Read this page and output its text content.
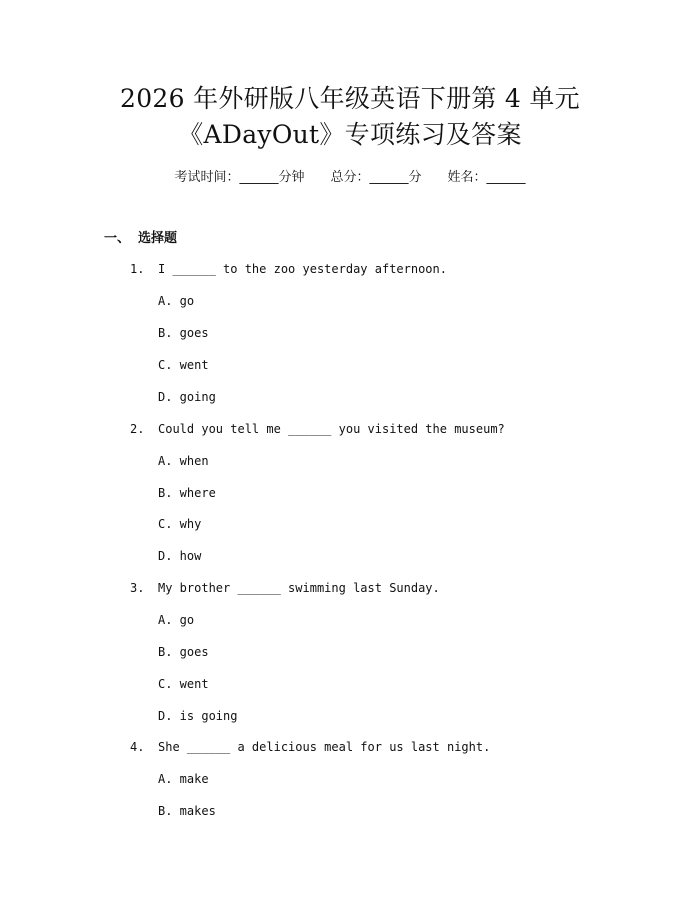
2026 年外研版八年级英语下册第 4 单元
《ADayOut》专项练习及答案
考试时间：______分钟 总分：______分 姓名：______
一、 选择题
1. I ______ to the zoo yesterday afternoon.
A. go
B. goes
C. went
D. going
2. Could you tell me ______ you visited the museum?
A. when
B. where
C. why
D. how
3. My brother ______ swimming last Sunday.
A. go
B. goes
C. went
D. is going
4. She ______ a delicious meal for us last night.
A. make
B. makes
